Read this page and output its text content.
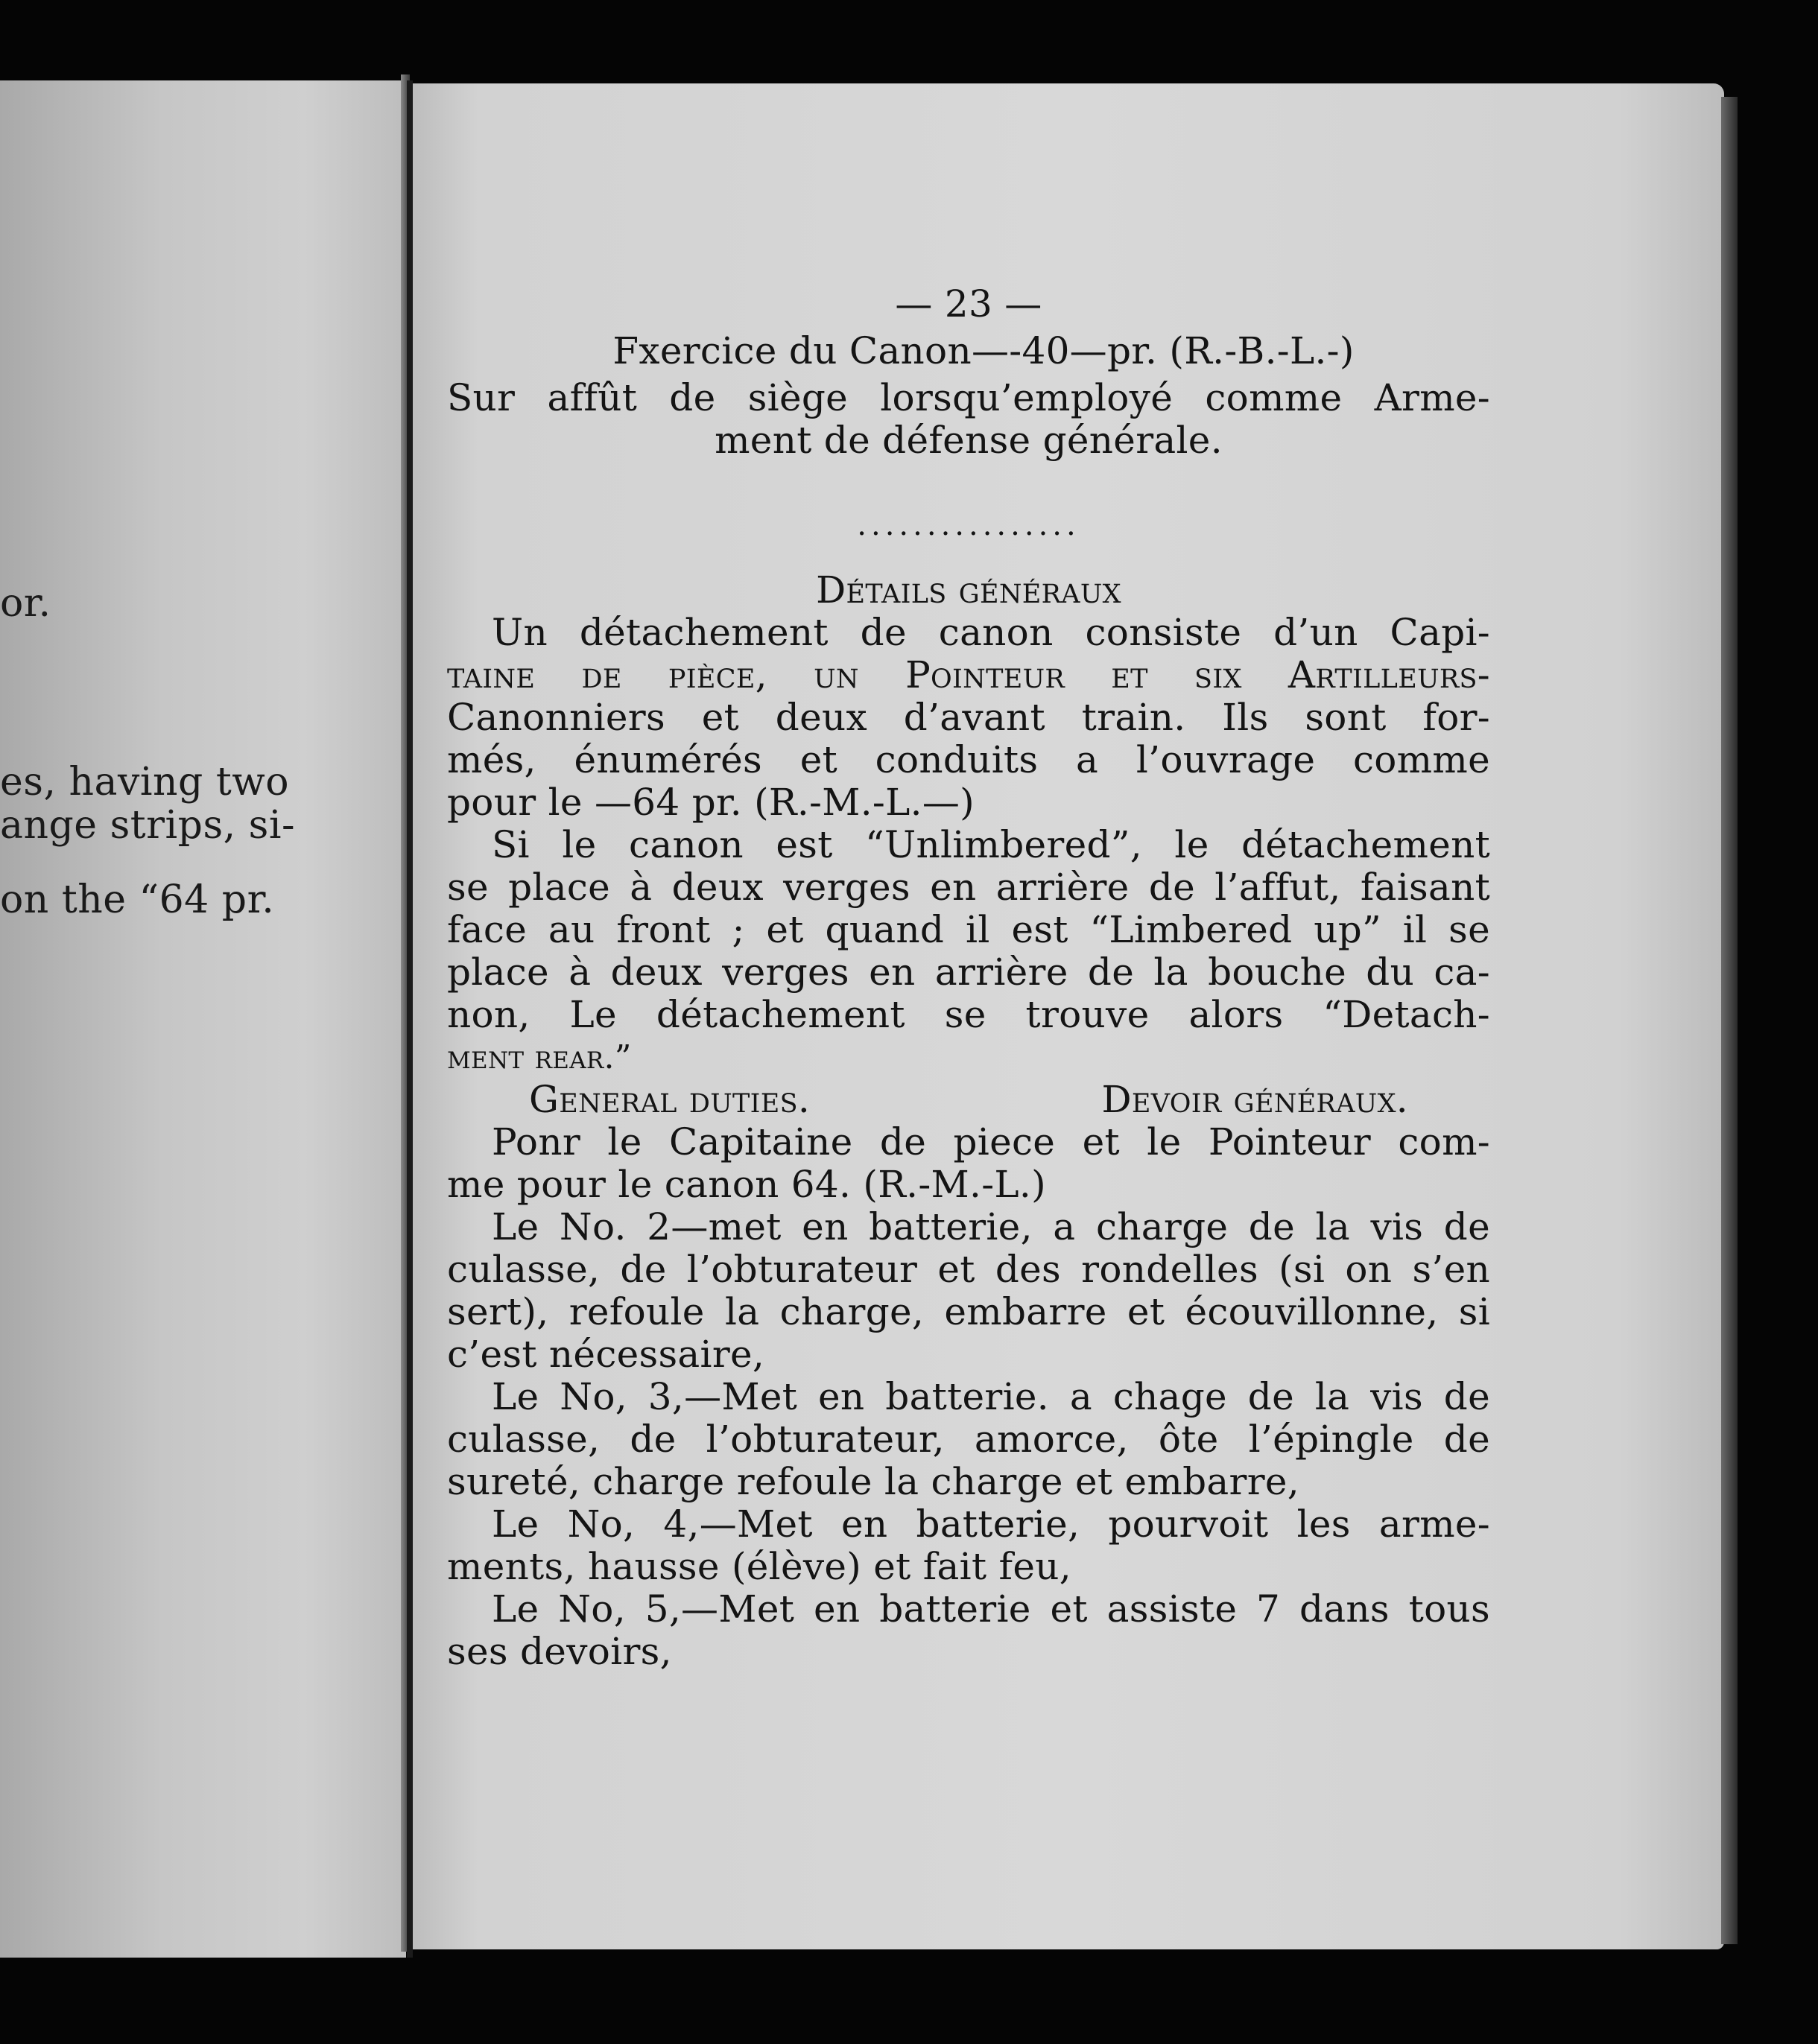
or.
es, having two
ange strips, si-
on the “64 pr.
— 23 —
Fxercice du Canon—-40—pr. (R.-B.-L.-)
Sur affût de siège lorsqu’employé comme Arme-
ment de défense générale.
................
Détails généraux
Un détachement de canon consiste d’un Capi-
taine de pièce, un Pointeur et six Artilleurs-
Canonniers et deux d’avant train. Ils sont for-
més, énumérés et conduits a l’ouvrage comme
pour le —64 pr. (R.-M.-L.—)
Si le canon est “Unlimbered”, le détachement
se place à deux verges en arrière de l’affut, faisant
face au front ; et quand il est “Limbered up” il se
place à deux verges en arrière de la bouche du ca-
non, Le détachement se trouve alors “Detach-
ment rear.”
General duties.	Devoir généraux.
Ponr le Capitaine de piece et le Pointeur com-
me pour le canon 64. (R.-M.-L.)
Le No. 2—met en batterie, a charge de la vis de
culasse, de l’obturateur et des rondelles (si on s’en
sert), refoule la charge, embarre et écouvillonne, si
c’est nécessaire,
Le No, 3,—Met en batterie. a chage de la vis de
culasse, de l’obturateur, amorce, ôte l’épingle de
sureté, charge refoule la charge et embarre,
Le No, 4,—Met en batterie, pourvoit les arme-
ments, hausse (élève) et fait feu,
Le No, 5,—Met en batterie et assiste 7 dans tous
ses devoirs,
